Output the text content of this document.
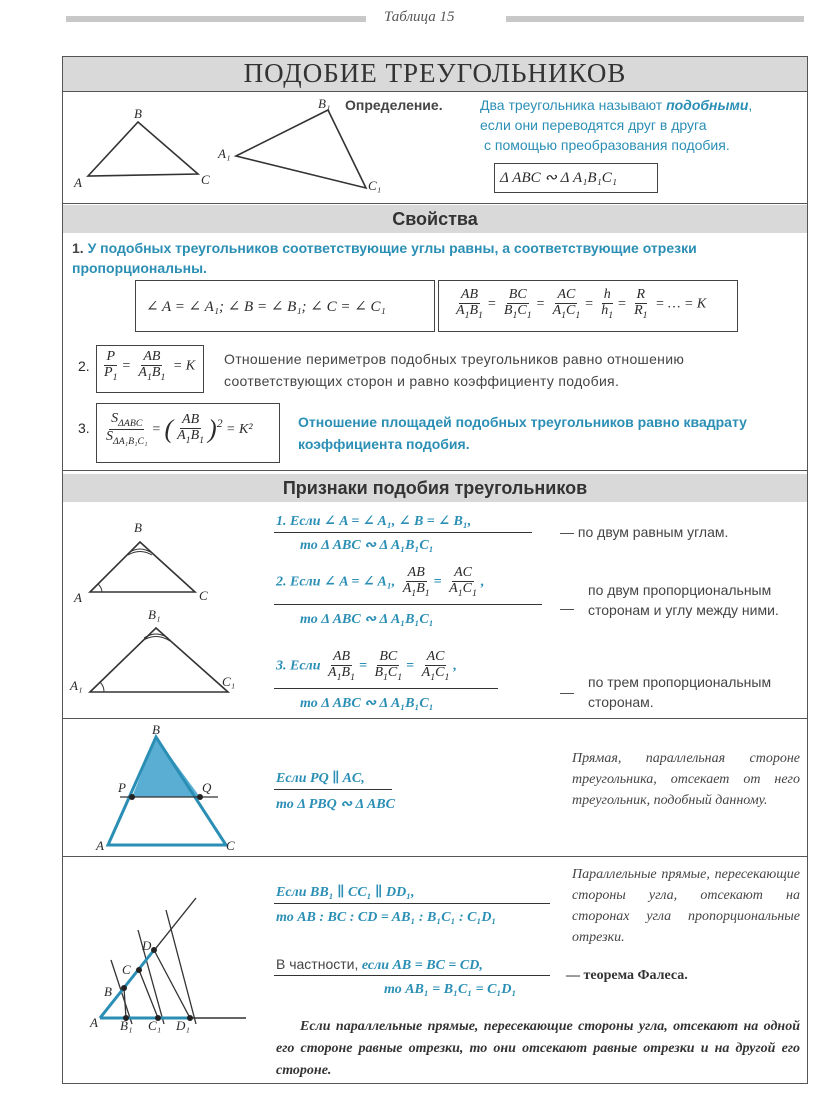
Таблица 15
ПОДОБИЕ ТРЕУГОЛЬНИКОВ
A
B
C
A₁
B₁
C₁
Определение.	Два треугольника называют подобными,
если они переводятся друг в друга
с помощью преобразования подобия.
Δ ABC ∾ Δ A₁B₁C₁
Свойства
1. У подобных треугольников соответствующие углы равны, а соответствующие отрезки пропорциональны.
∠ A = ∠ A₁; ∠ B = ∠ B₁; ∠ C = ∠ C₁	$\frac{AB}{A_1B_1} = \frac{BC}{B_1C_1} = \frac{AC}{A_1C_1} = \frac{h}{h_1} = \frac{R}{R_1}$ = … = K
2. $\frac{P}{P_1} = \frac{AB}{A_1B_1} = K$ Отношение периметров подобных треугольников равно отношению соответствующих сторон и равно коэффициенту подобия.
3. $\frac{S_{\Delta ABC}}{S_{\Delta A_1B_1C_1}}$ = ( $\frac{AB}{A_1B_1} )^2 = K^2$	Отношение площадей подобных треугольников равно квадрату коэффициента подобия.
Признаки подобия треугольников
B
A	C
B₁
A₁	C₁
1. Если ∠ A = ∠ A₁, ∠ B = ∠ B₁,
то Δ ABC ∾ Δ A₁B₁C₁
— по двум равным углам.
2. Если ∠ A = ∠ A₁, $\frac{AB}{A_1B_1} = \frac{AC}{A_1C_1}$ ,
то Δ ABC ∾ Δ A₁B₁C₁
—
по двум пропорциональным сторонам и углу между ними.
3. Если $\frac{AB}{A_1B_1} = \frac{BC}{B_1C_1} = \frac{AC}{A_1C_1}$ ,
то Δ ABC ∾ Δ A₁B₁C₁
—
по трем пропорциональным сторонам.
B
P	Q
A	C
Если PQ ∥ AC,
то Δ PBQ ∾ Δ ABC
Прямая, параллельная стороне треугольника, отсекает от него треугольник, подобный данному.
D
C
B
A B₁ C₁ D₁
Если BB₁ ∥ CC₁ ∥ DD₁,
то AB : BC : CD = AB₁ : B₁C₁ : C₁D₁
Параллельные прямые, пересекающие стороны угла, отсекают на сторонах угла пропорциональные отрезки.
В частности, если AB = BC = CD,
то AB₁ = B₁C₁ = C₁D₁
— теорема Фалеса.
Если параллельные прямые, пересекающие стороны угла, отсекают на одной его стороне равные отрезки, то они отсекают равные отрезки и на другой его стороне.
